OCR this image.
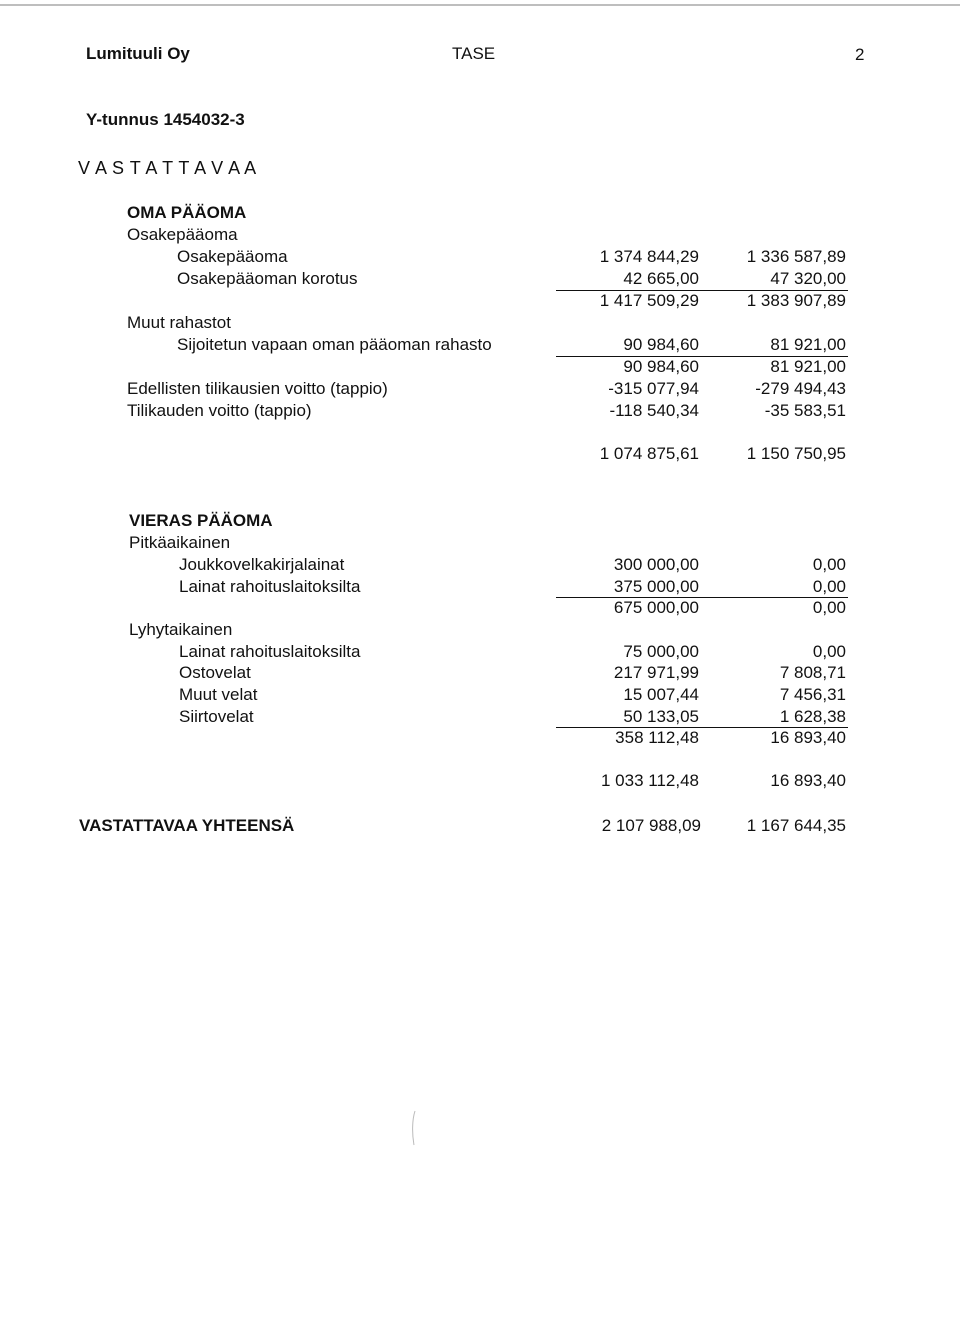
Lumituuli Oy	TASE	2
Y-tunnus 1454032-3
V A S T A T T A V A A
OMA PÄÄOMA
Osakepääoma
Osakepääoma	1 374 844,29	1 336 587,89
Osakepääoman korotus	42 665,00	47 320,00
1 417 509,29	1 383 907,89
Muut rahastot
Sijoitetun vapaan oman pääoman rahasto	90 984,60	81 921,00
90 984,60	81 921,00
Edellisten tilikausien voitto (tappio)	-315 077,94	-279 494,43
Tilikauden voitto (tappio)	-118 540,34	-35 583,51
1 074 875,61	1 150 750,95
VIERAS PÄÄOMA
Pitkäaikainen
Joukkovelkakirjalainat	300 000,00	0,00
Lainat rahoituslaitoksilta	375 000,00	0,00
675 000,00	0,00
Lyhytaikainen
Lainat rahoituslaitoksilta	75 000,00	0,00
Ostovelat	217 971,99	7 808,71
Muut velat	15 007,44	7 456,31
Siirtovelat	50 133,05	1 628,38
358 112,48	16 893,40
1 033 112,48	16 893,40
VASTATTAVAA YHTEENSÄ	2 107 988,09	1 167 644,35
